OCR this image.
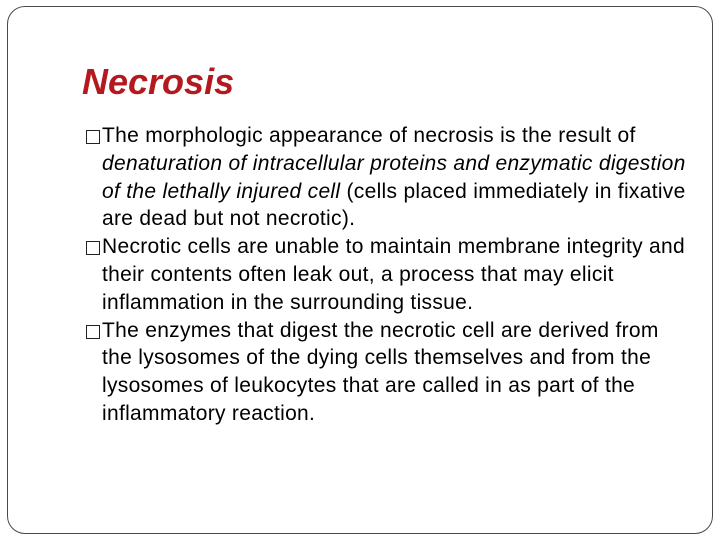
Necrosis
The morphologic appearance of necrosis is the result of denaturation of intracellular proteins and enzymatic digestion of the lethally injured cell (cells placed immediately in fixative are dead but not necrotic).
Necrotic cells are unable to maintain membrane integrity and their contents often leak out, a process that may elicit inflammation in the surrounding tissue.
The enzymes that digest the necrotic cell are derived from the lysosomes of the dying cells themselves and from the lysosomes of leukocytes that are called in as part of the inflammatory reaction.
